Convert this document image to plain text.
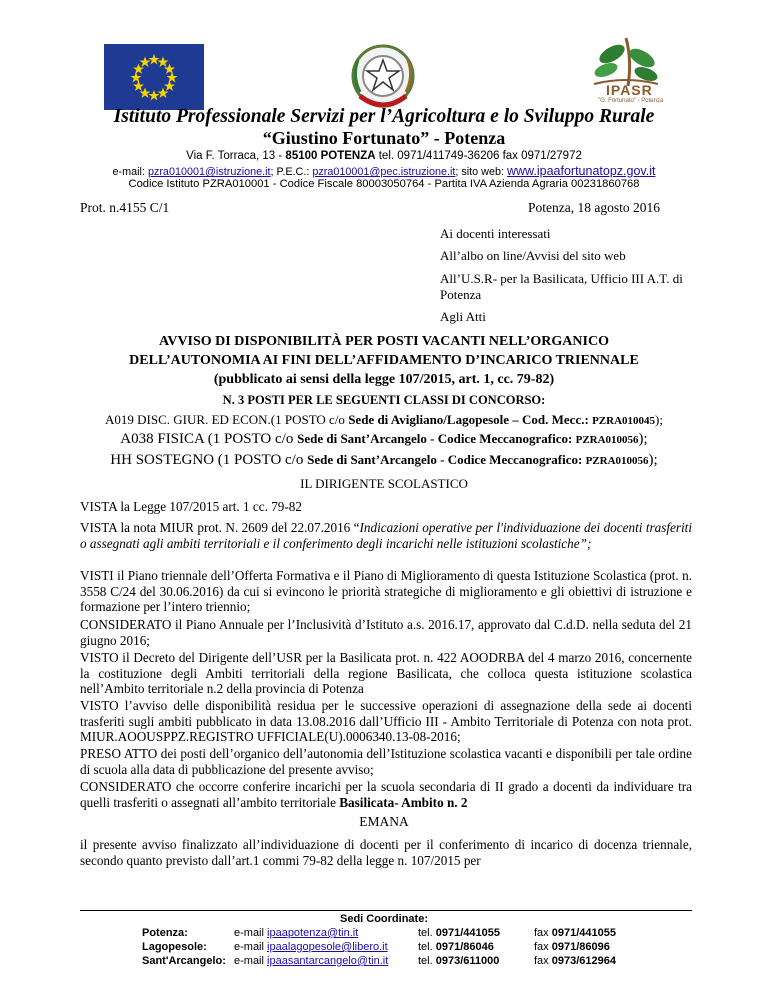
IPASR
"G. Fortunato" - Potenza
Istituto Professionale Servizi per l’Agricoltura e lo Sviluppo Rurale
“Giustino Fortunato” - Potenza
Via F. Torraca, 13 - 85100 POTENZA tel. 0971/411749-36206 fax 0971/27972
e-mail: pzra010001@istruzione.it; P.E.C.: pzra010001@pec.istruzione.it; sito web: www.ipaafortunatopz.gov.it
Codice Istituto PZRA010001 - Codice Fiscale 80003050764 - Partita IVA Azienda Agraria 00231860768
Prot. n.4155 C/1	Potenza, 18 agosto 2016
Ai docenti interessati
All’albo on line/Avvisi del sito web
All’U.S.R- per la Basilicata, Ufficio III A.T. di Potenza
Agli Atti
AVVISO DI DISPONIBILITÀ PER POSTI VACANTI NELL’ORGANICO
DELL’AUTONOMIA AI FINI DELL’AFFIDAMENTO D’INCARICO TRIENNALE
(pubblicato ai sensi della legge 107/2015, art. 1, cc. 79-82)
N. 3 POSTI PER LE SEGUENTI CLASSI DI CONCORSO:
A019 DISC. GIUR. ED ECON.(1 POSTO c/o Sede di Avigliano/Lagopesole – Cod. Mecc.: PZRA010045);
A038 FISICA (1 POSTO c/o Sede di Sant’Arcangelo - Codice Meccanografico: PZRA010056);
HH SOSTEGNO (1 POSTO c/o Sede di Sant’Arcangelo - Codice Meccanografico: PZRA010056);
IL DIRIGENTE SCOLASTICO
VISTA la Legge 107/2015 art. 1 cc. 79-82
VISTA la nota MIUR prot. N. 2609 del 22.07.2016 “Indicazioni operative per l'individuazione dei docenti trasferiti o assegnati agli ambiti territoriali e il conferimento degli incarichi nelle istituzioni scolastiche”;
VISTI il Piano triennale dell’Offerta Formativa e il Piano di Miglioramento di questa Istituzione Scolastica (prot. n. 3558 C/24 del 30.06.2016) da cui si evincono le priorità strategiche di miglioramento e gli obiettivi di istruzione e formazione per l’intero triennio;
CONSIDERATO il Piano Annuale per l’Inclusività d’Istituto a.s. 2016.17, approvato dal C.d.D. nella seduta del 21 giugno 2016;
VISTO il Decreto del Dirigente dell’USR per la Basilicata prot. n. 422 AOODRBA del 4 marzo 2016, concernente la costituzione degli Ambiti territoriali della regione Basilicata, che colloca questa istituzione scolastica nell’Ambito territoriale n.2 della provincia di Potenza
VISTO l’avviso delle disponibilità residua per le successive operazioni di assegnazione della sede ai docenti trasferiti sugli ambiti pubblicato in data 13.08.2016 dall’Ufficio III - Ambito Territoriale di Potenza con nota prot. MIUR.AOOUSPPZ.REGISTRO UFFICIALE(U).0006340.13-08-2016;
PRESO ATTO dei posti dell’organico dell’autonomia dell’Istituzione scolastica vacanti e disponibili per tale ordine di scuola alla data di pubblicazione del presente avviso;
CONSIDERATO che occorre conferire incarichi per la scuola secondaria di II grado a docenti da individuare tra quelli trasferiti o assegnati all’ambito territoriale Basilicata- Ambito n. 2
EMANA
il presente avviso finalizzato all’individuazione di docenti per il conferimento di incarico di docenza triennale, secondo quanto previsto dall’art.1 commi 79-82 della legge n. 107/2015 per
Sedi Coordinate:
Potenza:	e-mail ipaapotenza@tin.it	tel. 0971/441055	fax 0971/441055
Lagopesole: e-mail ipaalagopesole@libero.it	tel. 0971/86046	fax 0971/86096
Sant'Arcangelo: e-mail ipaasantarcangelo@tin.it	tel. 0973/611000	fax 0973/612964
